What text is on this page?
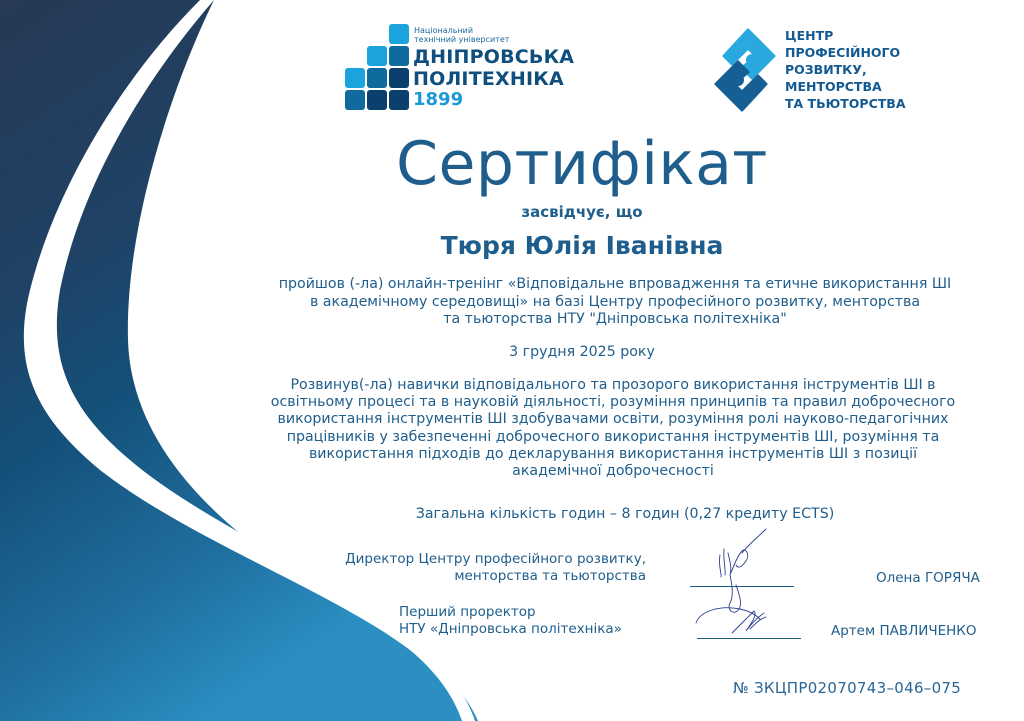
Національний
технічний університет
ДНІПРОВСЬКА
ПОЛІТЕХНІКА
1899
ЦЕНТР
ПРОФЕСІЙНОГО
РОЗВИТКУ,
МЕНТОРСТВА
ТА ТЬЮТОРСТВА
Сертифікат
засвідчує, що
Тюря Юлія Іванівна
пройшов (-ла) онлайн-тренінг «Відповідальне впровадження та етичне використання ШІ
в академічному середовищі» на базі Центру професійного розвитку, менторства
та тьюторства НТУ "Дніпровська політехніка"
3 грудня 2025 року
Розвинув(-ла) навички відповідального та прозорого використання інструментів ШІ в
освітньому процесі та в науковій діяльності, розуміння принципів та правил доброчесного
використання інструментів ШІ здобувачами освіти, розуміння ролі науково-педагогічних
працівників у забезпеченні доброчесного використання інструментів ШІ, розуміння та
використання підходів до декларування використання інструментів ШІ з позиції
академічної доброчесності
Загальна кількість годин – 8 годин (0,27 кредиту ECTS)
Директор Центру професійного розвитку,
менторства та тьюторства
Перший проректор
НТУ «Дніпровська політехніка»
Олена ГОРЯЧА
Артем ПАВЛИЧЕНКО
№ ЗКЦПР02070743–046–075
